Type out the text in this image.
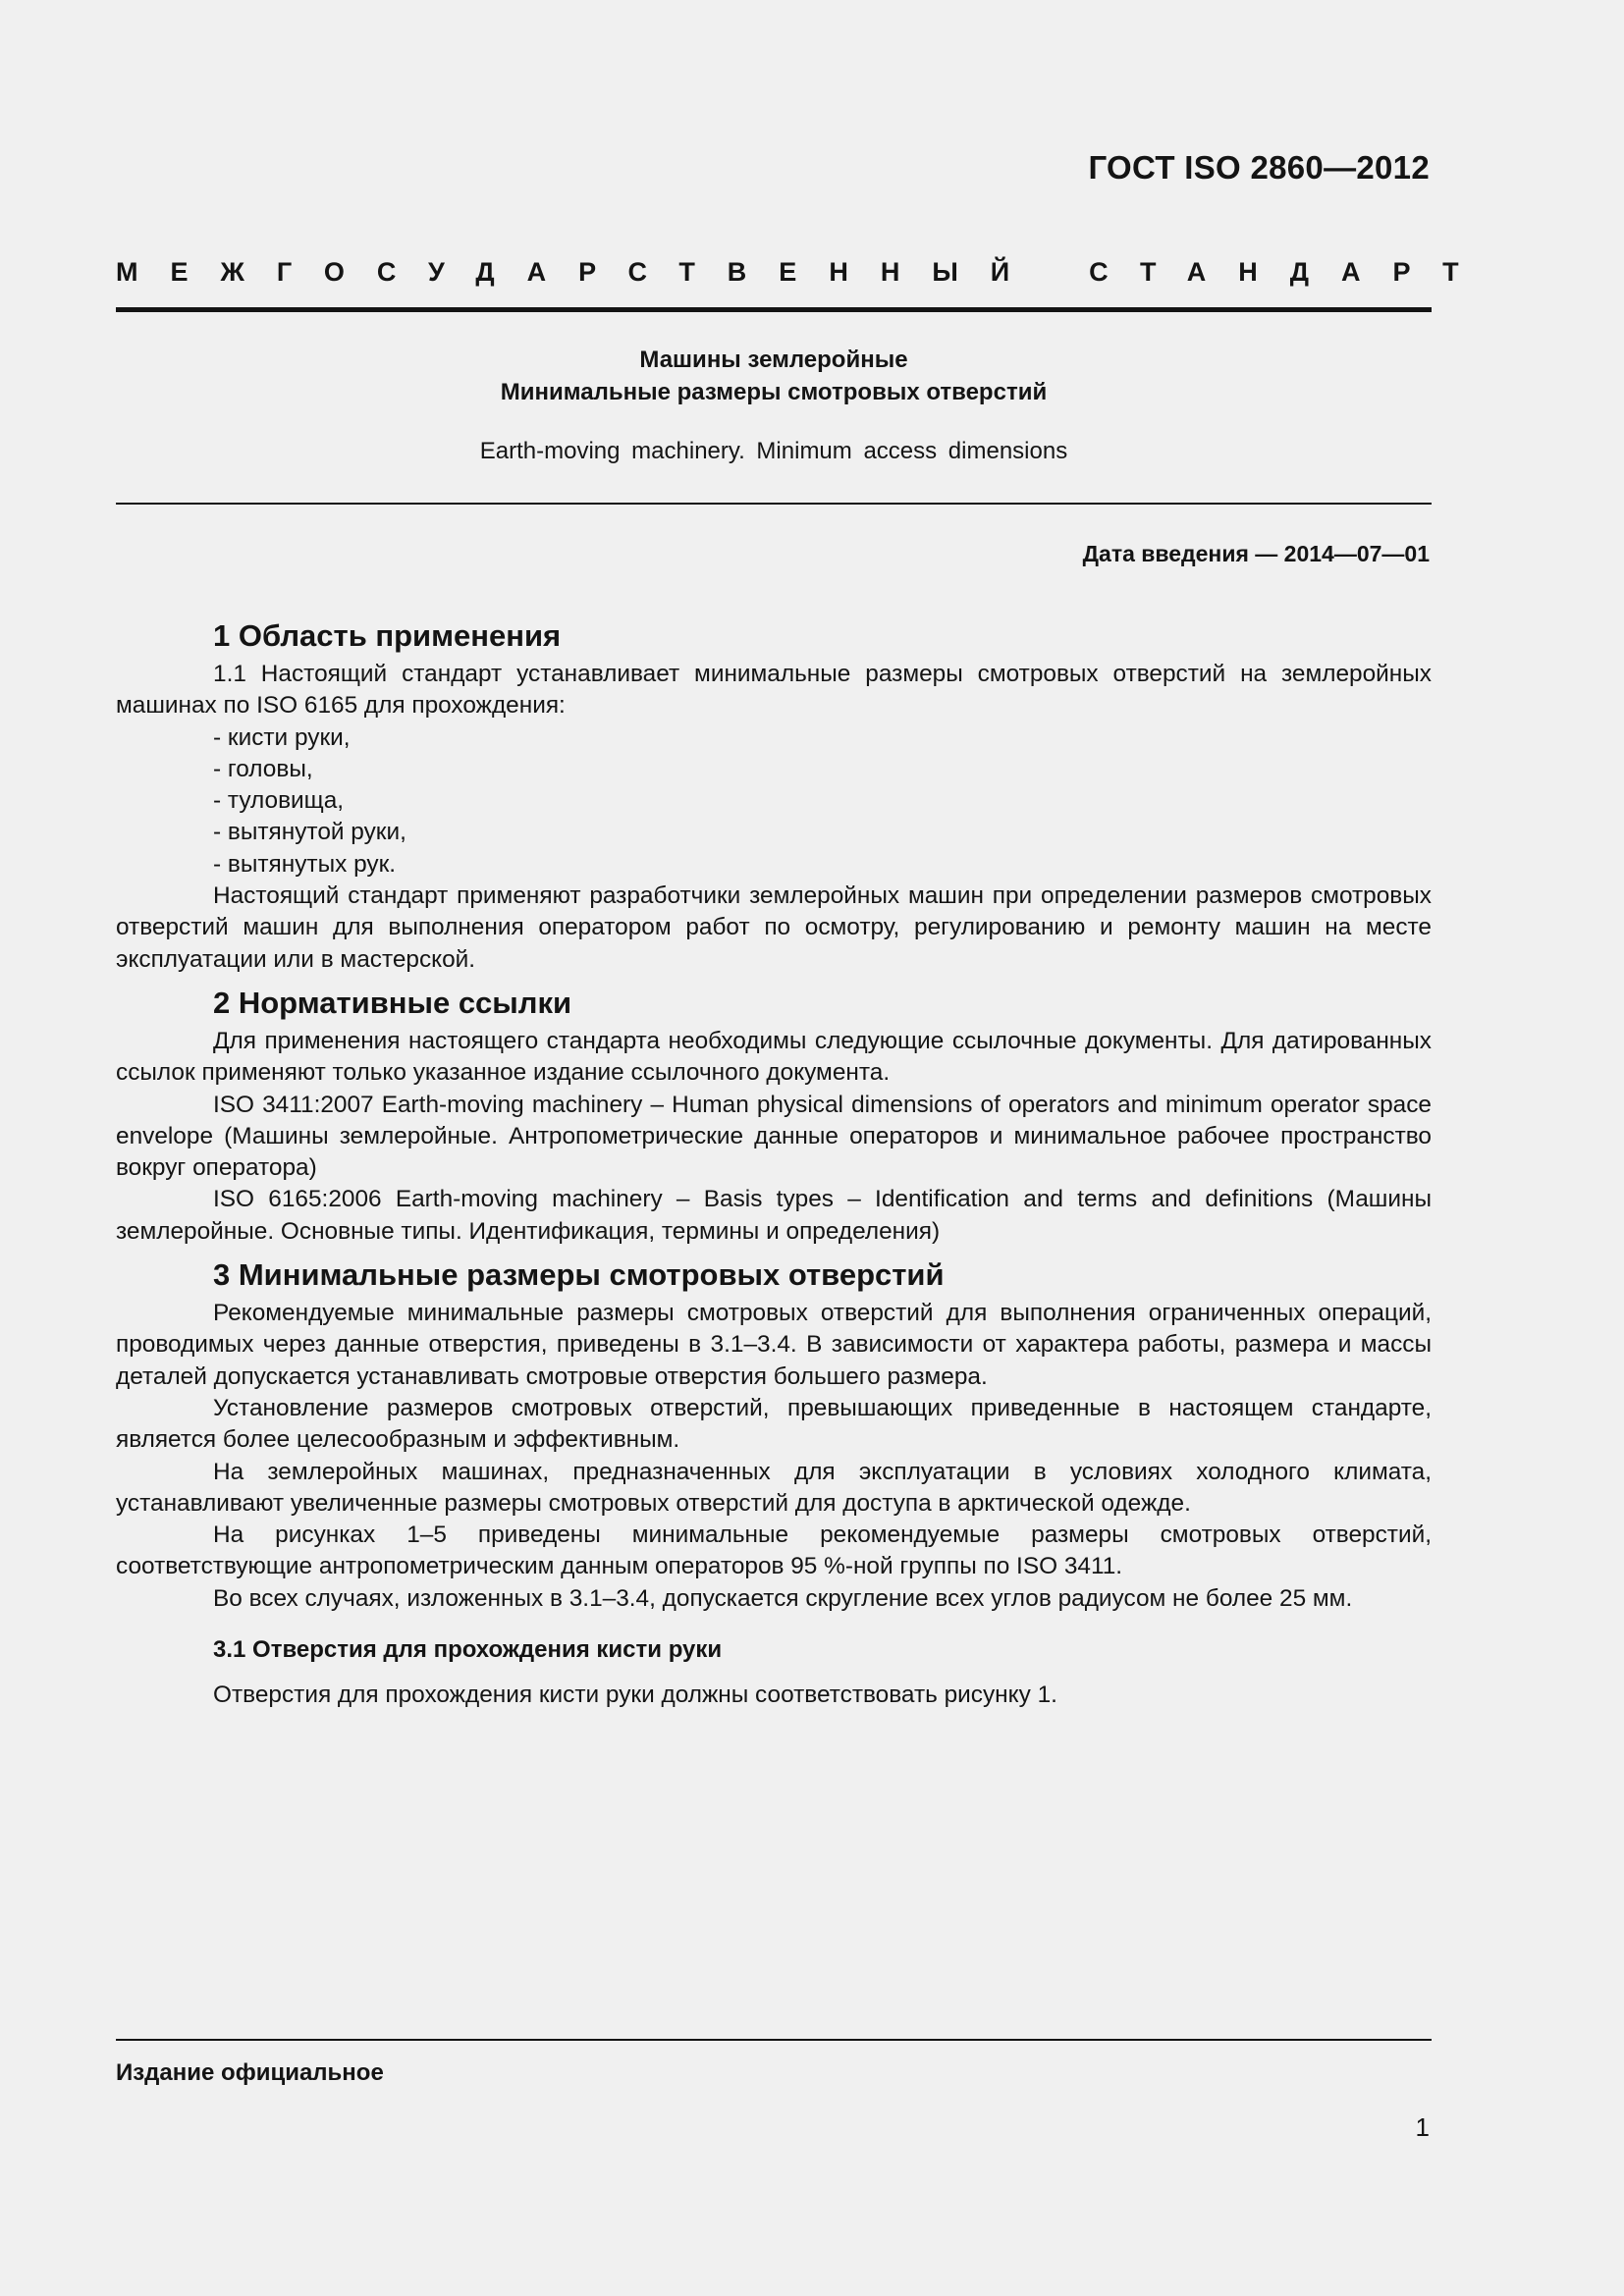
ГОСТ ISO 2860—2012
МЕЖГОСУДАРСТВЕННЫЙ СТАНДАРТ
Машины землеройные
Минимальные размеры смотровых отверстий
Earth-moving machinery. Minimum access dimensions
Дата введения — 2014—07—01
1 Область применения

1.1 Настоящий стандарт устанавливает минимальные размеры смотровых отверстий на землеройных машинах по ISO 6165 для прохождения:

- кисти руки,

- головы,

- туловища,

- вытянутой руки,

- вытянутых рук.

Настоящий стандарт применяют разработчики землеройных машин при определении размеров смотровых отверстий машин для выполнения оператором работ по осмотру, регулированию и ремонту машин на месте эксплуатации или в мастерской.

2 Нормативные ссылки

Для применения настоящего стандарта необходимы следующие ссылочные документы. Для датированных ссылок применяют только указанное издание ссылочного документа.

ISO 3411:2007 Earth-moving machinery – Human physical dimensions of operators and minimum operator space envelope (Машины землеройные. Антропометрические данные операторов и минимальное рабочее пространство вокруг оператора)

ISO 6165:2006 Earth-moving machinery – Basis types – Identification and terms and definitions (Машины землеройные. Основные типы. Идентификация, термины и определения)

3 Минимальные размеры смотровых отверстий

Рекомендуемые минимальные размеры смотровых отверстий для выполнения ограниченных операций, проводимых через данные отверстия, приведены в 3.1–3.4. В зависимости от характера работы, размера и массы деталей допускается устанавливать смотровые отверстия большего размера.

Установление размеров смотровых отверстий, превышающих приведенные в настоящем стандарте, является более целесообразным и эффективным.

На землеройных машинах, предназначенных для эксплуатации в условиях холодного климата, устанавливают увеличенные размеры смотровых отверстий для доступа в арктической одежде.

На рисунках 1–5 приведены минимальные рекомендуемые размеры смотровых отверстий, соответствующие антропометрическим данным операторов 95 %-ной группы по ISO 3411.

Во всех случаях, изложенных в 3.1–3.4, допускается скругление всех углов радиусом не более 25 мм.

3.1 Отверстия для прохождения кисти руки

Отверстия для прохождения кисти руки должны соответствовать рисунку 1.

Издание официальное
1
